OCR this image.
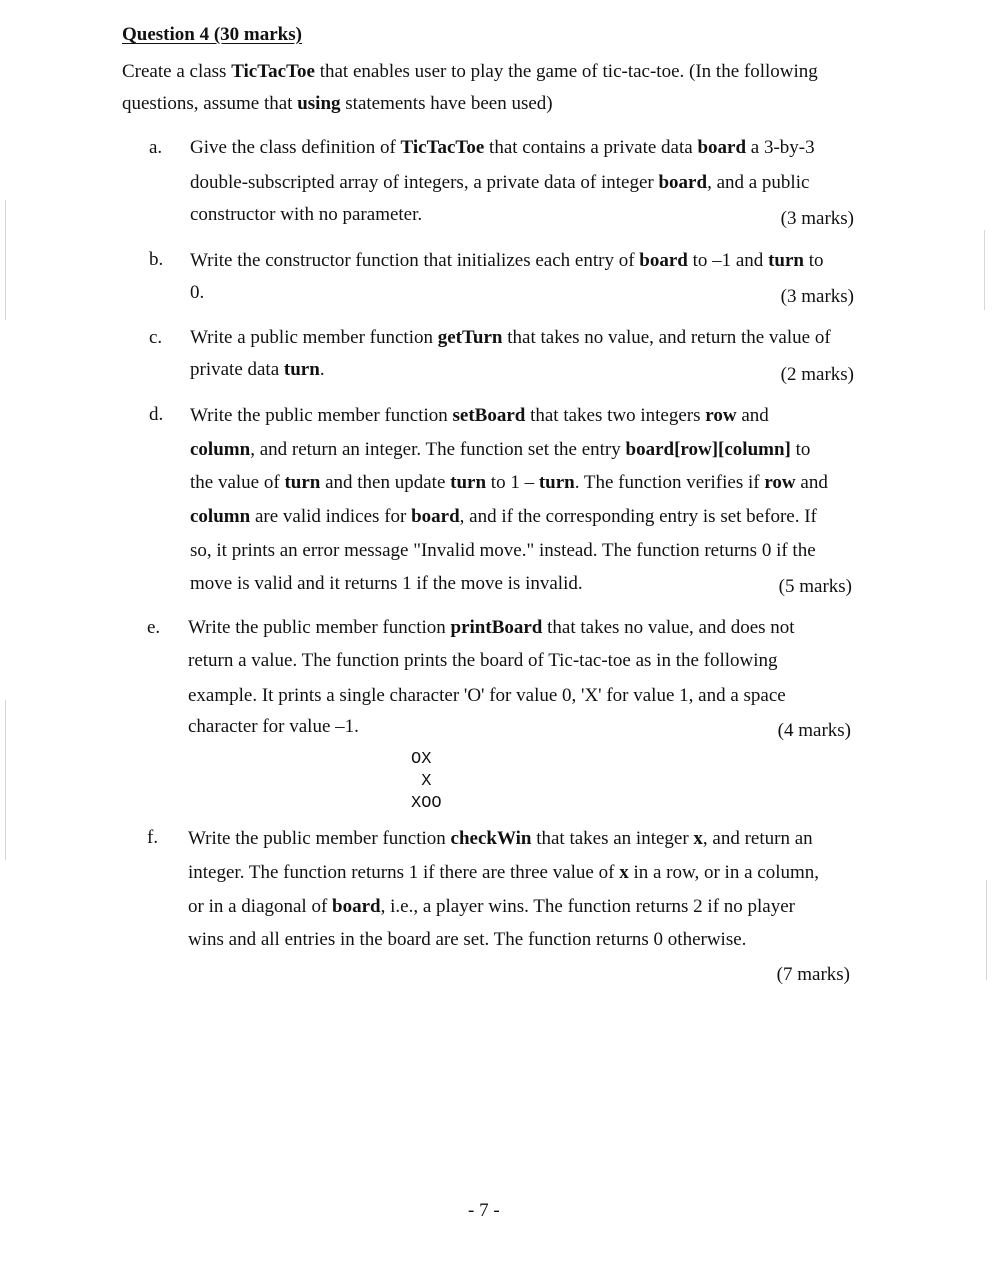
Question 4 (30 marks)
Create a class TicTacToe that enables user to play the game of tic-tac-toe. (In the following
questions, assume that using statements have been used)
a.	Give the class definition of TicTacToe that contains a private data board a 3-by-3
double-subscripted array of integers, a private data of integer board, and a public
constructor with no parameter.	(3 marks)
b.	Write the constructor function that initializes each entry of board to –1 and turn to
0.	(3 marks)
c.	Write a public member function getTurn that takes no value, and return the value of
private data turn.	(2 marks)
d.	Write the public member function setBoard that takes two integers row and
column, and return an integer. The function set the entry board[row][column] to
the value of turn and then update turn to 1 – turn. The function verifies if row and
column are valid indices for board, and if the corresponding entry is set before. If
so, it prints an error message "Invalid move." instead. The function returns 0 if the
move is valid and it returns 1 if the move is invalid.	(5 marks)
e.	Write the public member function printBoard that takes no value, and does not
return a value. The function prints the board of Tic-tac-toe as in the following
example. It prints a single character 'O' for value 0, 'X' for value 1, and a space
character for value –1.	(4 marks)
OX
X
XOO
f.	Write the public member function checkWin that takes an integer x, and return an
integer. The function returns 1 if there are three value of x in a row, or in a column,
or in a diagonal of board, i.e., a player wins. The function returns 2 if no player
wins and all entries in the board are set. The function returns 0 otherwise.
(7 marks)
- 7 -
